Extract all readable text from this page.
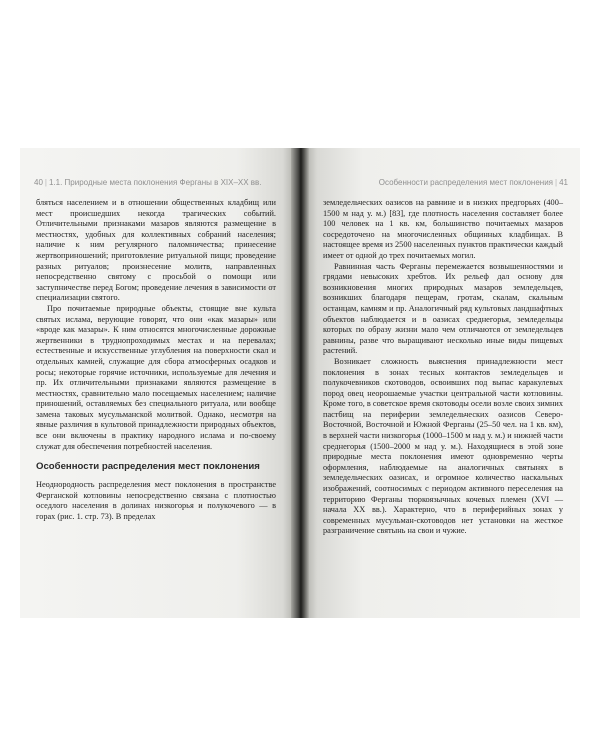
40 | 1.1. Природные места поклонения Ферганы в XIX–XX вв.

бляться населением и в отношении общественных кладбищ или мест происшедших некогда трагических событий. Отличительными признаками мазаров являются размещение в местностях, удобных для коллективных собраний населения; наличие к ним регулярного паломничества; принесение жертвоприношений; приготовление ритуальной пищи; проведение разных ритуалов; произнесение молитв, направленных непосредственно святому с просьбой о помощи или заступничестве перед Богом; проведение лечения в зависимости от специализации святого.

Про почитаемые природные объекты, стоящие вне культа святых ислама, верующие говорят, что они «как мазары» или «вроде как мазары». К ним относятся многочисленные дорожные жертвенники в труднопроходимых местах и на перевалах; естественные и искусственные углубления на поверхности скал и отдельных камней, служащие для сбора атмосферных осадков и росы; некоторые горячие источники, используемые для лечения и пр. Их отличительными признаками являются размещение в местностях, сравнительно мало посещаемых населением; наличие приношений, оставляемых без специального ритуала, или вообще замена таковых мусульманской молитвой. Однако, несмотря на явные различия в культовой принадлежности природных объектов, все они включены в практику народного ислама и по-своему служат для обеспечения потребностей населения.

Особенности распределения мест поклонения

Неоднородность распределения мест поклонения в пространстве Ферганской котловины непосредственно связана с плотностью оседлого населения в долинах низкогорья и полукочевого — в горах (рис. 1. стр. 73). В пределах

Особенности распределения мест поклонения | 41

земледельческих оазисов на равнине и в низких предгорьях (400–1500 м над у. м.) [83], где плотность населения составляет более 100 человек на 1 кв. км, большинство почитаемых мазаров сосредоточено на многочисленных общинных кладбищах. В настоящее время из 2500 населенных пунктов практически каждый имеет от одной до трех почитаемых могил.

Равнинная часть Ферганы перемежается возвышенностями и грядами невысоких хребтов. Их рельеф дал основу для возникновения многих природных мазаров земледельцев, возникших благодаря пещерам, гротам, скалам, скальным останцам, камням и пр. Аналогичный ряд культовых ландшафтных объектов наблюдается и в оазисах среднегорья, земледельцы которых по образу жизни мало чем отличаются от земледельцев равнины, разве что выращивают несколько иные виды пищевых растений.

Возникает сложность выяснения принадлежности мест поклонения в зонах тесных контактов земледельцев и полукочевников скотоводов, освоивших под выпас каракулевых пород овец неорошаемые участки центральной части котловины. Кроме того, в советское время скотоводы осели возле своих зимних пастбищ на периферии земледельческих оазисов Северо-Восточной, Восточной и Южной Ферганы (25–50 чел. на 1 кв. км), в верхней части низкогорья (1000–1500 м над у. м.) и нижней части среднегорья (1500–2000 м над у. м.). Находящиеся в этой зоне природные места поклонения имеют одновременно черты оформления, наблюдаемые на аналогичных святынях в земледельческих оазисах, и огромное количество наскальных изображений, соотносимых с периодом активного переселения на территорию Ферганы тюркоязычных кочевых племен (XVI — начала XX вв.). Характерно, что в периферийных зонах у современных мусульман-скотоводов нет установки на жесткое разграничение святынь на свои и чужие.
